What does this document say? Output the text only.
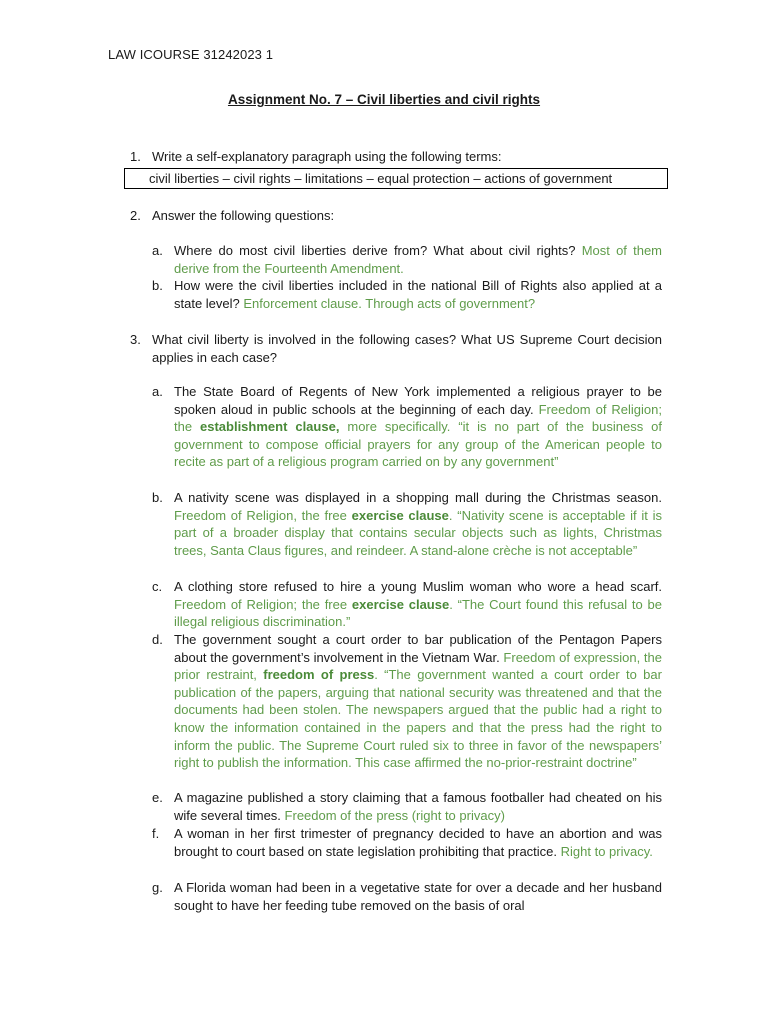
LAW ICOURSE 31242023 1
Assignment No. 7 – Civil liberties and civil rights
1. Write a self-explanatory paragraph using the following terms:
civil liberties – civil rights – limitations – equal protection – actions of government
2. Answer the following questions:
a. Where do most civil liberties derive from? What about civil rights? Most of them derive from the Fourteenth Amendment.
b. How were the civil liberties included in the national Bill of Rights also applied at a state level? Enforcement clause. Through acts of government?
3. What civil liberty is involved in the following cases? What US Supreme Court decision applies in each case?
a. The State Board of Regents of New York implemented a religious prayer to be spoken aloud in public schools at the beginning of each day. Freedom of Religion; the establishment clause, more specifically. “it is no part of the business of government to compose official prayers for any group of the American people to recite as part of a religious program carried on by any government”
b. A nativity scene was displayed in a shopping mall during the Christmas season. Freedom of Religion, the free exercise clause. “Nativity scene is acceptable if it is part of a broader display that contains secular objects such as lights, Christmas trees, Santa Claus figures, and reindeer. A stand-alone crèche is not acceptable”
c. A clothing store refused to hire a young Muslim woman who wore a head scarf. Freedom of Religion; the free exercise clause. “The Court found this refusal to be illegal religious discrimination.”
d. The government sought a court order to bar publication of the Pentagon Papers about the government’s involvement in the Vietnam War. Freedom of expression, the prior restraint, freedom of press. “The government wanted a court order to bar publication of the papers, arguing that national security was threatened and that the documents had been stolen. The newspapers argued that the public had a right to know the information contained in the papers and that the press had the right to inform the public. The Supreme Court ruled six to three in favor of the newspapers’ right to publish the information. This case affirmed the no-prior-restraint doctrine”
e. A magazine published a story claiming that a famous footballer had cheated on his wife several times. Freedom of the press (right to privacy)
f. A woman in her first trimester of pregnancy decided to have an abortion and was brought to court based on state legislation prohibiting that practice. Right to privacy.
g. A Florida woman had been in a vegetative state for over a decade and her husband sought to have her feeding tube removed on the basis of oral
